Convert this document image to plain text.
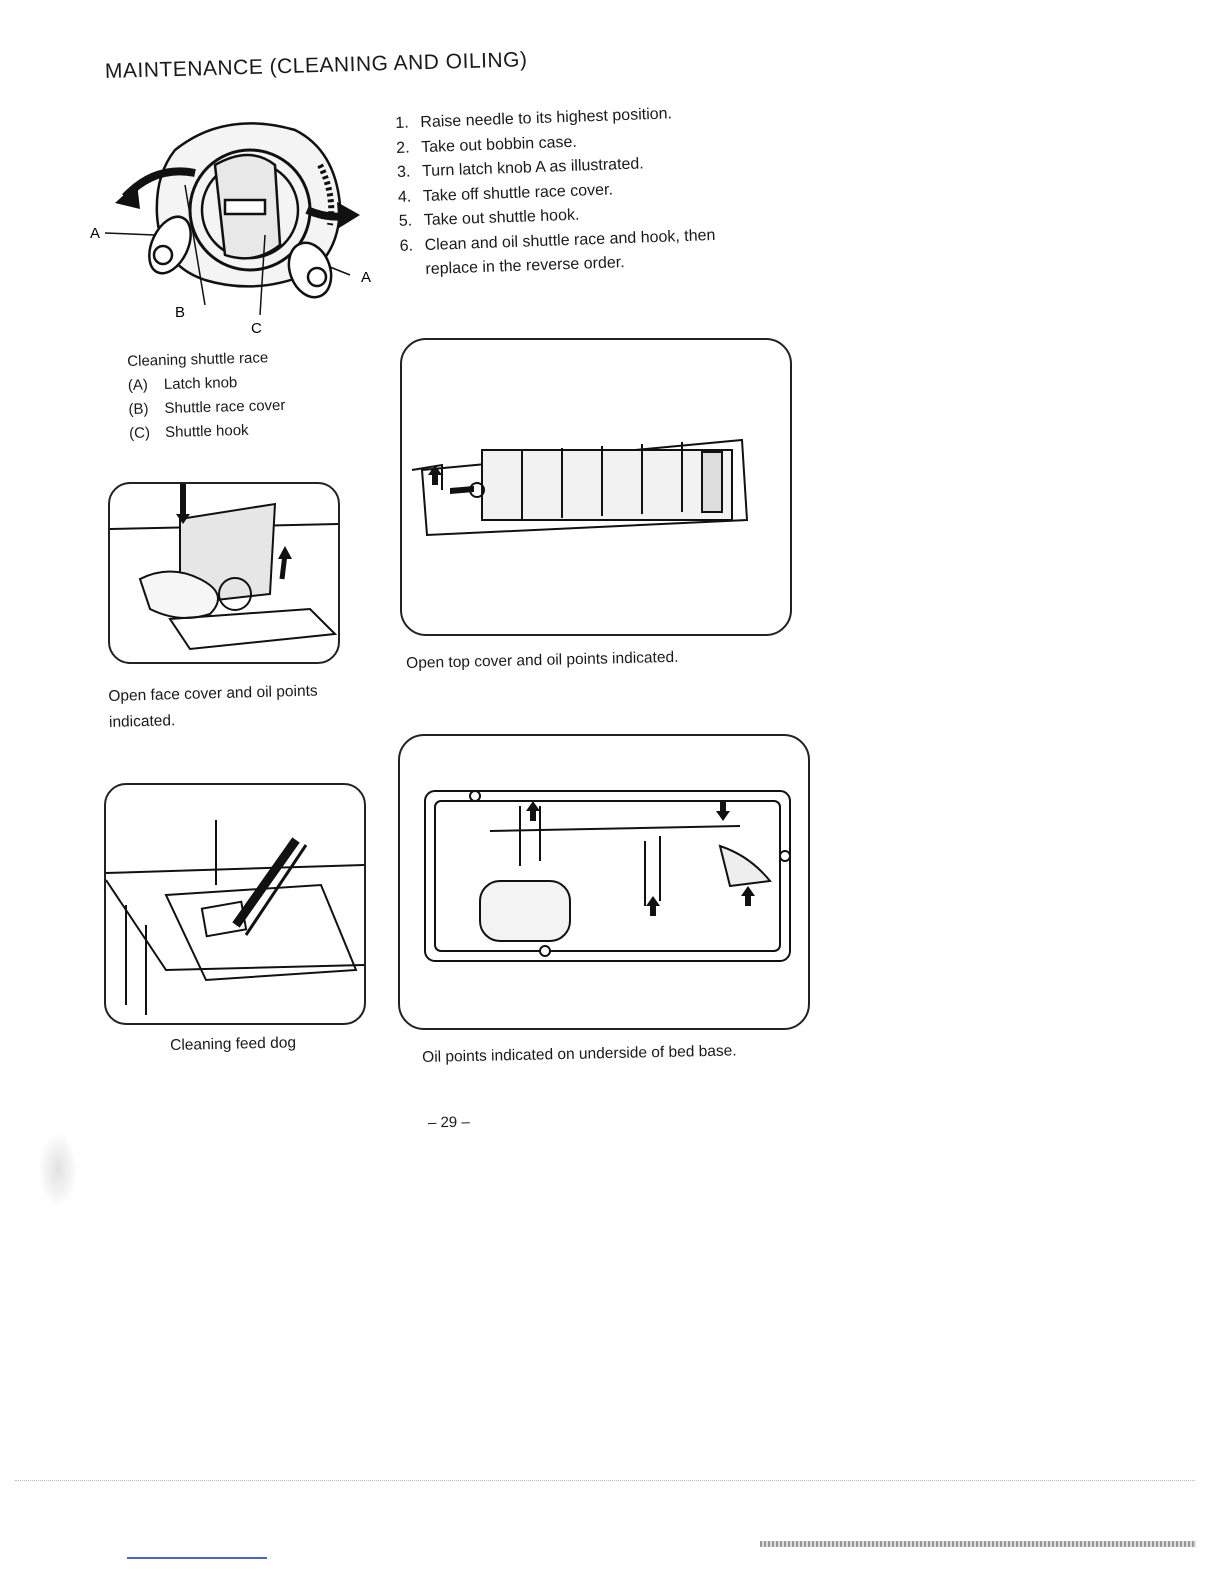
MAINTENANCE (CLEANING AND OILING)
A
A
B
C
1. Raise needle to its highest position.
2. Take out bobbin case.
3. Turn latch knob A as illustrated.
4. Take off shuttle race cover.
5. Take out shuttle hook.
6. Clean and oil shuttle race and hook, then replace in the reverse order.
Cleaning shuttle race
(A)	Latch knob
(B)	Shuttle race cover
(C) Shuttle hook
Open face cover and oil points indicated.
Open top cover and oil points indicated.
Cleaning feed dog	Oil points indicated on underside of bed base.
– 29 –
